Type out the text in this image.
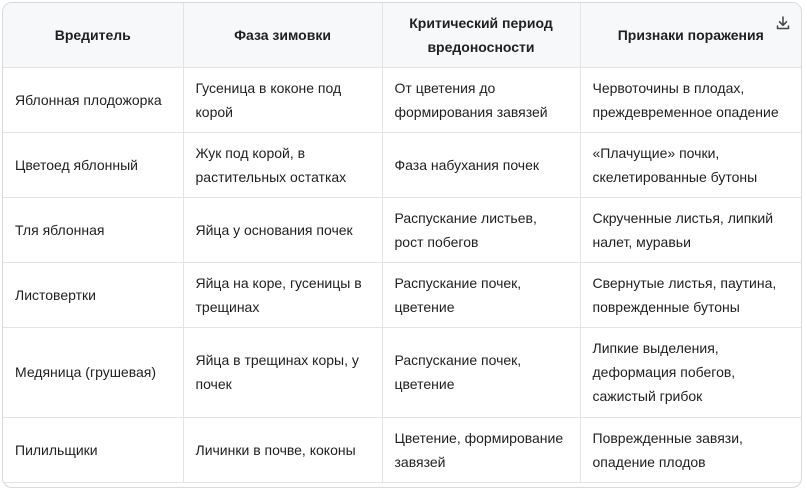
Вредитель	Фаза зимовки	Критический период вредоносности	Признаки поражения

Яблонная плодожорка	Гусеница в коконе под корой	От цветения до формирования завязей	Червоточины в плодах, преждевременное опадение
Цветоед яблонный	Жук под корой, в растительных остатках	Фаза набухания почек	«Плачущие» почки, скелетированные бутоны
Тля яблонная	Яйца у основания почек	Распускание листьев, рост побегов	Скрученные листья, липкий налет, муравьи
Листовертки	Яйца на коре, гусеницы в трещинах	Распускание почек, цветение	Свернутые листья, паутина, поврежденные бутоны
Медяница (грушевая)	Яйца в трещинах коры, у почек	Распускание почек, цветение	Липкие выделения, деформация побегов, сажистый грибок
Пилильщики	Личинки в почве, коконы	Цветение, формирование завязей	Поврежденные завязи, опадение плодов
